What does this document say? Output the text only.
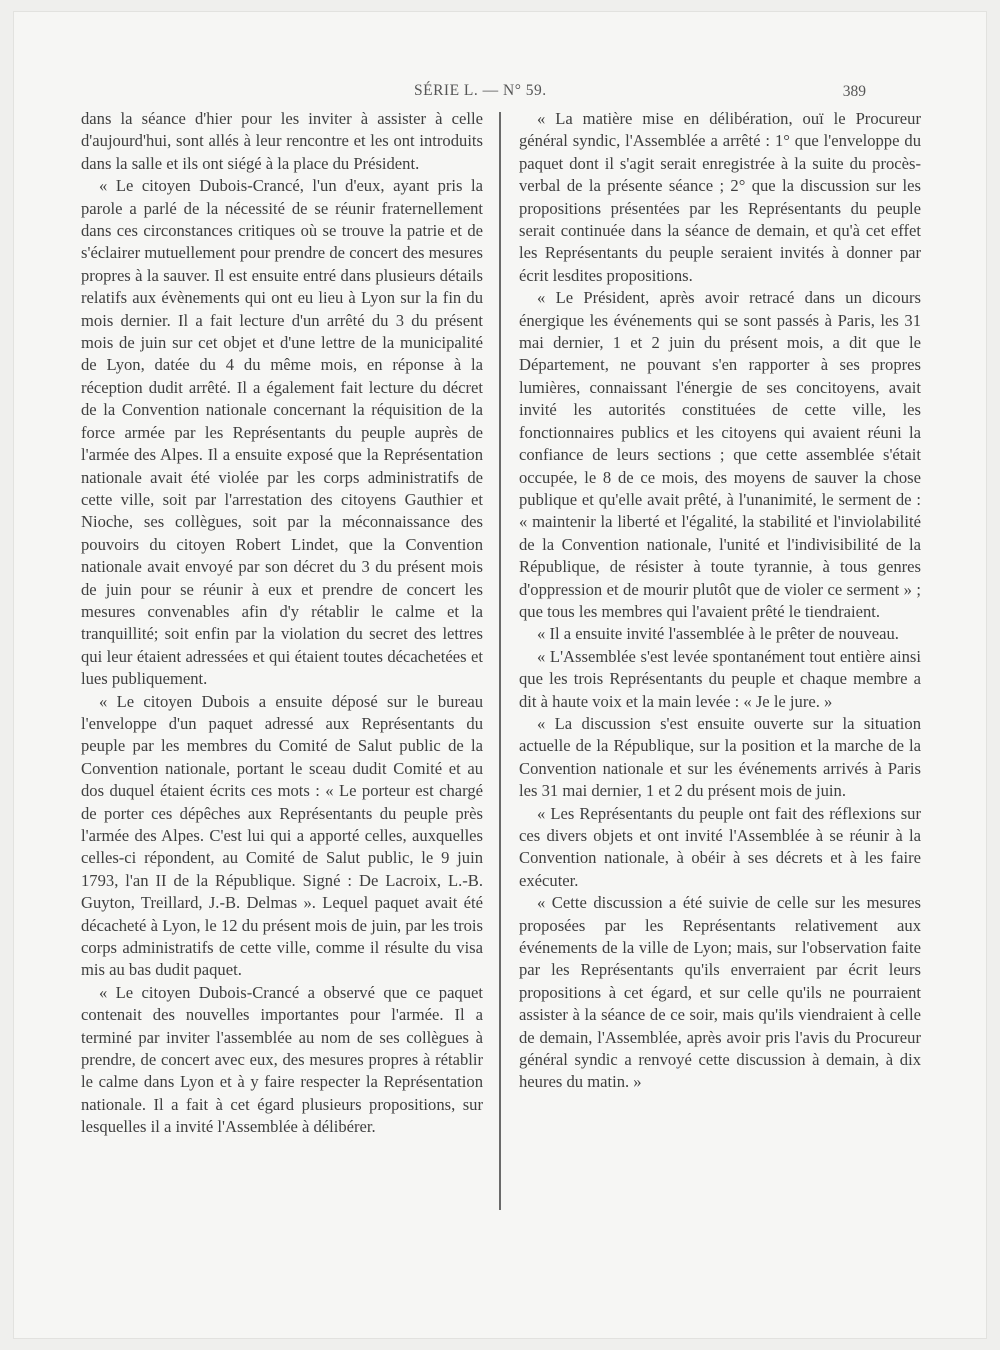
SÉRIE L. — N° 59.	389

dans la séance d'hier pour les inviter à assister à celle d'aujourd'hui, sont allés à leur rencontre et les ont introduits dans la salle et ils ont siégé à la place du Président.

« Le citoyen Dubois-Crancé, l'un d'eux, ayant pris la parole a parlé de la nécessité de se réunir fraternellement dans ces circonstances critiques où se trouve la patrie et de s'éclairer mutuellement pour prendre de concert des mesures propres à la sauver. Il est ensuite entré dans plusieurs détails relatifs aux évènements qui ont eu lieu à Lyon sur la fin du mois dernier. Il a fait lecture d'un arrêté du 3 du présent mois de juin sur cet objet et d'une lettre de la municipalité de Lyon, datée du 4 du même mois, en réponse à la réception dudit arrêté. Il a également fait lecture du décret de la Convention nationale concernant la réquisition de la force armée par les Représentants du peuple auprès de l'armée des Alpes. Il a ensuite exposé que la Représentation nationale avait été violée par les corps administratifs de cette ville, soit par l'arrestation des citoyens Gauthier et Nioche, ses collègues, soit par la méconnaissance des pouvoirs du citoyen Robert Lindet, que la Convention nationale avait envoyé par son décret du 3 du présent mois de juin pour se réunir à eux et prendre de concert les mesures convenables afin d'y rétablir le calme et la tranquillité; soit enfin par la violation du secret des lettres qui leur étaient adressées et qui étaient toutes décachetées et lues publiquement.

« Le citoyen Dubois a ensuite déposé sur le bureau l'enveloppe d'un paquet adressé aux Représentants du peuple par les membres du Comité de Salut public de la Convention nationale, portant le sceau dudit Comité et au dos duquel étaient écrits ces mots : « Le porteur est chargé de porter ces dépêches aux Représentants du peuple près l'armée des Alpes. C'est lui qui a apporté celles, auxquelles celles-ci répondent, au Comité de Salut public, le 9 juin 1793, l'an II de la République. Signé : De Lacroix, L.-B. Guyton, Treillard, J.-B. Delmas ». Lequel paquet avait été décacheté à Lyon, le 12 du présent mois de juin, par les trois corps administratifs de cette ville, comme il résulte du visa mis au bas dudit paquet.

« Le citoyen Dubois-Crancé a observé que ce paquet contenait des nouvelles importantes pour l'armée. Il a terminé par inviter l'assemblée au nom de ses collègues à prendre, de concert avec eux, des mesures propres à rétablir le calme dans Lyon et à y faire respecter la Représentation nationale. Il a fait à cet égard plusieurs propositions, sur lesquelles il a invité l'Assemblée à délibérer.

« La matière mise en délibération, ouï le Procureur général syndic, l'Assemblée a arrêté : 1° que l'enveloppe du paquet dont il s'agit serait enregistrée à la suite du procès-verbal de la présente séance ; 2° que la discussion sur les propositions présentées par les Représentants du peuple serait continuée dans la séance de demain, et qu'à cet effet les Représentants du peuple seraient invités à donner par écrit lesdites propositions.

« Le Président, après avoir retracé dans un dicours énergique les événements qui se sont passés à Paris, les 31 mai dernier, 1 et 2 juin du présent mois, a dit que le Département, ne pouvant s'en rapporter à ses propres lumières, connaissant l'énergie de ses concitoyens, avait invité les autorités constituées de cette ville, les fonctionnaires publics et les citoyens qui avaient réuni la confiance de leurs sections ; que cette assemblée s'était occupée, le 8 de ce mois, des moyens de sauver la chose publique et qu'elle avait prêté, à l'unanimité, le serment de : « maintenir la liberté et l'égalité, la stabilité et l'inviolabilité de la Convention nationale, l'unité et l'indivisibilité de la République, de résister à toute tyrannie, à tous genres d'oppression et de mourir plutôt que de violer ce serment » ; que tous les membres qui l'avaient prêté le tiendraient.

« Il a ensuite invité l'assemblée à le prêter de nouveau.

« L'Assemblée s'est levée spontanément tout entière ainsi que les trois Représentants du peuple et chaque membre a dit à haute voix et la main levée : « Je le jure. »

« La discussion s'est ensuite ouverte sur la situation actuelle de la République, sur la position et la marche de la Convention nationale et sur les événements arrivés à Paris les 31 mai dernier, 1 et 2 du présent mois de juin.

« Les Représentants du peuple ont fait des réflexions sur ces divers objets et ont invité l'Assemblée à se réunir à la Convention nationale, à obéir à ses décrets et à les faire exécuter.

« Cette discussion a été suivie de celle sur les mesures proposées par les Représentants relativement aux événements de la ville de Lyon; mais, sur l'observation faite par les Représentants qu'ils enverraient par écrit leurs propositions à cet égard, et sur celle qu'ils ne pourraient assister à la séance de ce soir, mais qu'ils viendraient à celle de demain, l'Assemblée, après avoir pris l'avis du Procureur général syndic a renvoyé cette discussion à demain, à dix heures du matin. »
